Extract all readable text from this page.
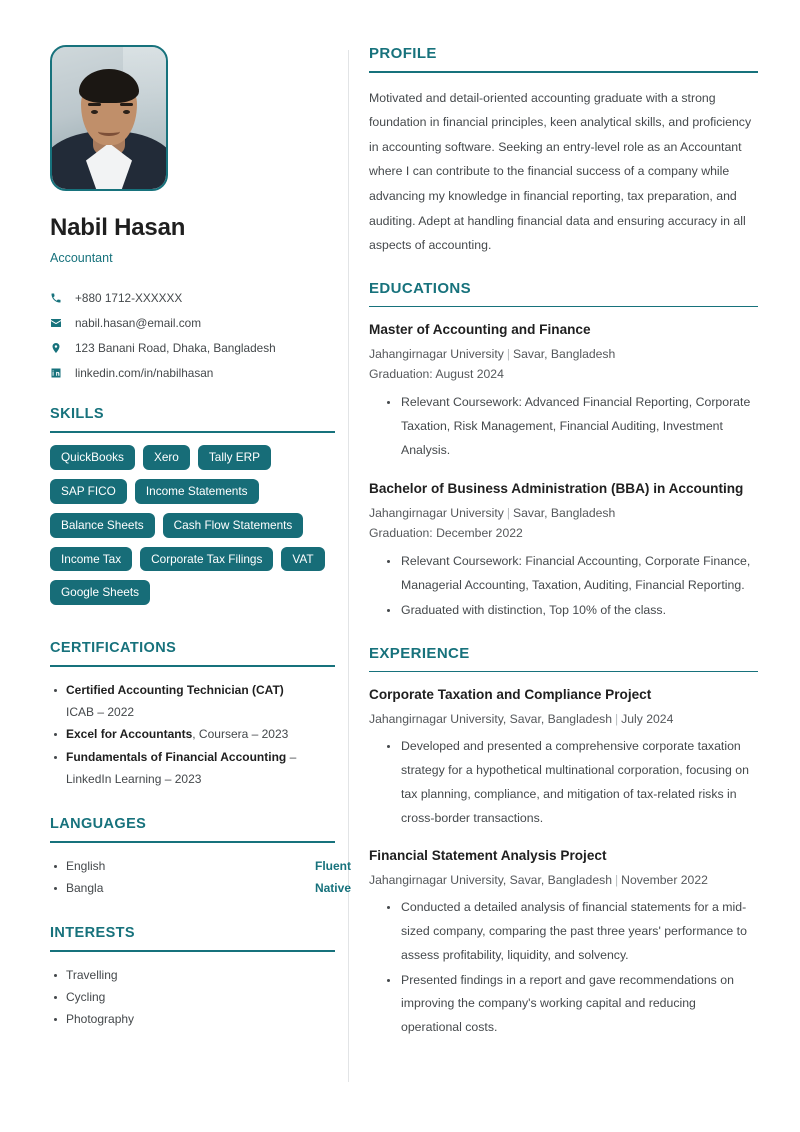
Nabil Hasan
Accountant
+880 1712-XXXXXX
nabil.hasan@email.com
123 Banani Road, Dhaka, Bangladesh
linkedin.com/in/nabilhasan
SKILLS
QuickBooks	Xero	Tally ERP
SAP FICO	Income Statements
Balance Sheets	Cash Flow Statements
Income Tax	Corporate Tax Filings	VAT
Google Sheets
CERTIFICATIONS
Certified Accounting Technician (CAT)
ICAB – 2022
Excel for Accountants, Coursera – 2023
Fundamentals of Financial Accounting –
LinkedIn Learning – 2023
LANGUAGES
English	Fluent
Bangla	Native
INTERESTS
Travelling
Cycling
Photography
PROFILE
Motivated and detail-oriented accounting graduate with a strong foundation in financial principles, keen analytical skills, and proficiency in accounting software. Seeking an entry-level role as an Accountant where I can contribute to the financial success of a company while advancing my knowledge in financial reporting, tax preparation, and auditing. Adept at handling financial data and ensuring accuracy in all aspects of accounting.
EDUCATIONS
Master of Accounting and Finance
Jahangirnagar University | Savar, Bangladesh
Graduation: August 2024
Relevant Coursework: Advanced Financial Reporting, Corporate Taxation, Risk Management, Financial Auditing, Investment Analysis.
Bachelor of Business Administration (BBA) in Accounting
Jahangirnagar University | Savar, Bangladesh
Graduation: December 2022
Relevant Coursework: Financial Accounting, Corporate Finance, Managerial Accounting, Taxation, Auditing, Financial Reporting.
Graduated with distinction, Top 10% of the class.
EXPERIENCE
Corporate Taxation and Compliance Project
Jahangirnagar University, Savar, Bangladesh | July 2024
Developed and presented a comprehensive corporate taxation strategy for a hypothetical multinational corporation, focusing on tax planning, compliance, and mitigation of tax-related risks in cross-border transactions.
Financial Statement Analysis Project
Jahangirnagar University, Savar, Bangladesh | November 2022
Conducted a detailed analysis of financial statements for a mid-sized company, comparing the past three years' performance to assess profitability, liquidity, and solvency.
Presented findings in a report and gave recommendations on improving the company's working capital and reducing operational costs.
